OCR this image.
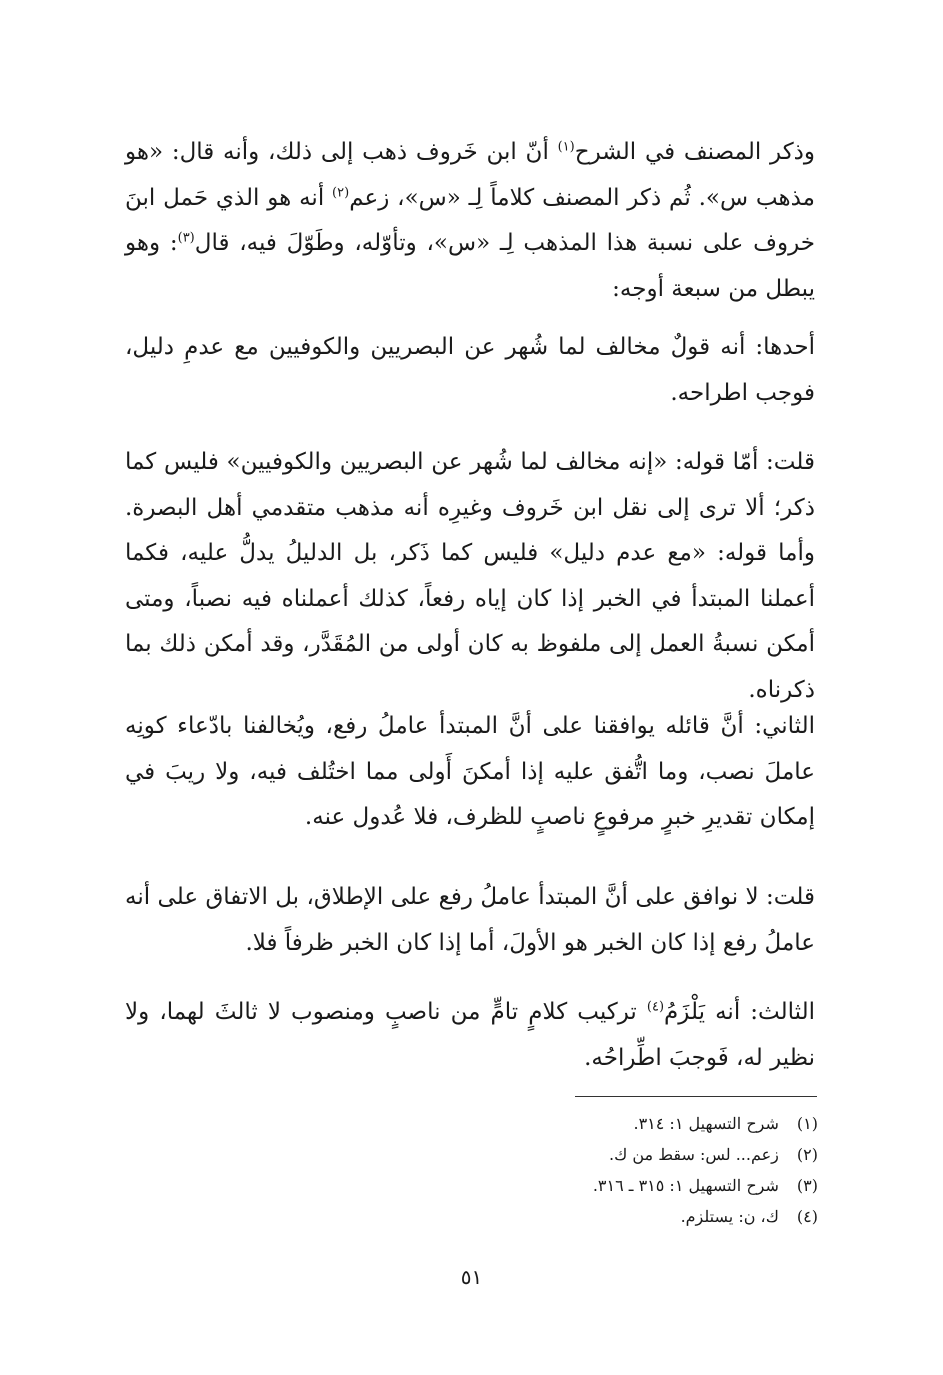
وذكر المصنف في الشرح$^{(١)}$ أنّ ابن خَروف ذهب إلى ذلك، وأنه قال: «هو مذهب س». ثُم ذكر المصنف كلاماً لِـ «س»، زعم$^{(٢)}$ أنه هو الذي حَمل ابنَ خروف على نسبة هذا المذهب لِـ «س»، وتأوّله، وطَوّلَ فيه، قال$^{(٣)}$: وهو يبطل من سبعة أوجه:

أحدها: أنه قولٌ مخالف لما شُهر عن البصريين والكوفيين مع عدمِ دليل، فوجب اطراحه.

قلت: أمّا قوله: «إنه مخالف لما شُهر عن البصريين والكوفيين» فليس كما ذكر؛ ألا ترى إلى نقل ابن خَروف وغيرِه أنه مذهب متقدمي أهل البصرة. وأما قوله: «مع عدم دليل» فليس كما ذَكر، بل الدليلُ يدلُّ عليه، فكما أعملنا المبتدأ في الخبر إذا كان إياه رفعاً، كذلك أعملناه فيه نصباً، ومتى أمكن نسبةُ العمل إلى ملفوظ به كان أولى من المُقَدَّر، وقد أمكن ذلك بما ذكرناه.

الثاني: أنَّ قائله يوافقنا على أنَّ المبتدأ عاملُ رفع، ويُخالفنا بادّعاء كونِه عاملَ نصب، وما اتُّفق عليه إذا أمكنَ أَولى مما اختُلف فيه، ولا ريبَ في إمكان تقديرِ خبرٍ مرفوعٍ ناصبٍ للظرف، فلا عُدول عنه.

قلت: لا نوافق على أنَّ المبتدأ عاملُ رفع على الإطلاق، بل الاتفاق على أنه عاملُ رفع إذا كان الخبر هو الأولَ، أما إذا كان الخبر ظرفاً فلا.

الثالث: أنه يَلْزَمُ$^{(٤)}$ تركيب كلامٍ تامٍّ من ناصبٍ ومنصوب لا ثالثَ لهما، ولا نظير له، فَوجبَ اطِّراحُه.

(١) شرح التسهيل ١: ٣١٤.
(٢) زعم... لس: سقط من ك.
(٣) شرح التسهيل ١: ٣١٥ ـ ٣١٦.
(٤) ك، ن: يستلزم.
٥١
